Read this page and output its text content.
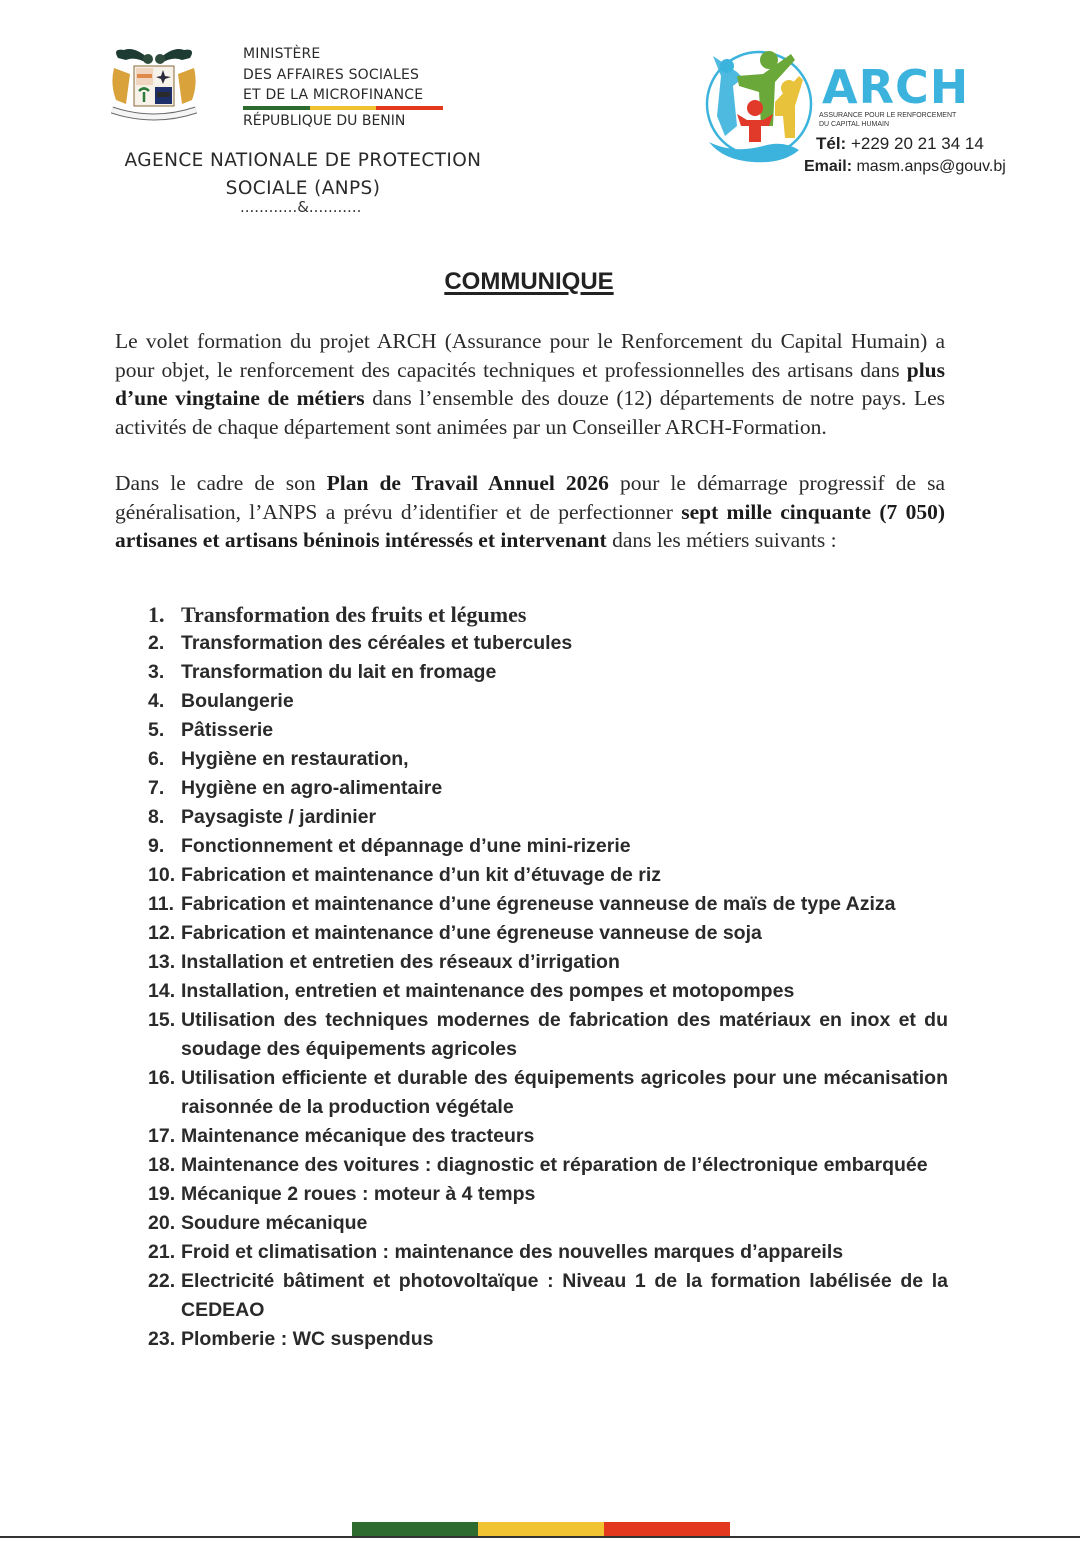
MINISTÈRE
DES AFFAIRES SOCIALES
ET DE LA MICROFINANCE
RÉPUBLIQUE DU BENIN
AGENCE NATIONALE DE PROTECTION
SOCIALE (ANPS)
............&...........
ARCH
ASSURANCE POUR LE RENFORCEMENT
DU CAPITAL HUMAIN
Tél: +229 20 21 34 14
Email: masm.anps@gouv.bj
COMMUNIQUE
Le volet formation du projet ARCH (Assurance pour le Renforcement du Capital Humain) a pour objet, le renforcement des capacités techniques et professionnelles des artisans dans plus d’une vingtaine de métiers dans l’ensemble des douze (12) départements de notre pays. Les activités de chaque département sont animées par un Conseiller ARCH-Formation.
Dans le cadre de son Plan de Travail Annuel 2026 pour le démarrage progressif de sa généralisation, l’ANPS a prévu d’identifier et de perfectionner sept mille cinquante (7 050) artisanes et artisans béninois intéressés et intervenant dans les métiers suivants :
1. Transformation des fruits et légumes
2. Transformation des céréales et tubercules
3. Transformation du lait en fromage
4. Boulangerie
5. Pâtisserie
6. Hygiène en restauration,
7. Hygiène en agro-alimentaire
8. Paysagiste / jardinier
9. Fonctionnement et dépannage d’une mini-rizerie
10. Fabrication et maintenance d’un kit d’étuvage de riz
11. Fabrication et maintenance d’une égreneuse vanneuse de maïs de type Aziza
12. Fabrication et maintenance d’une égreneuse vanneuse de soja
13. Installation et entretien des réseaux d’irrigation
14. Installation, entretien et maintenance des pompes et motopompes
15. Utilisation des techniques modernes de fabrication des matériaux en inox et du soudage des équipements agricoles
16. Utilisation efficiente et durable des équipements agricoles pour une mécanisation raisonnée de la production végétale
17. Maintenance mécanique des tracteurs
18. Maintenance des voitures : diagnostic et réparation de l’électronique embarquée
19. Mécanique 2 roues : moteur à 4 temps
20. Soudure mécanique
21. Froid et climatisation : maintenance des nouvelles marques d’appareils
22. Electricité bâtiment et photovoltaïque : Niveau 1 de la formation labélisée de la CEDEAO
23. Plomberie : WC suspendus
